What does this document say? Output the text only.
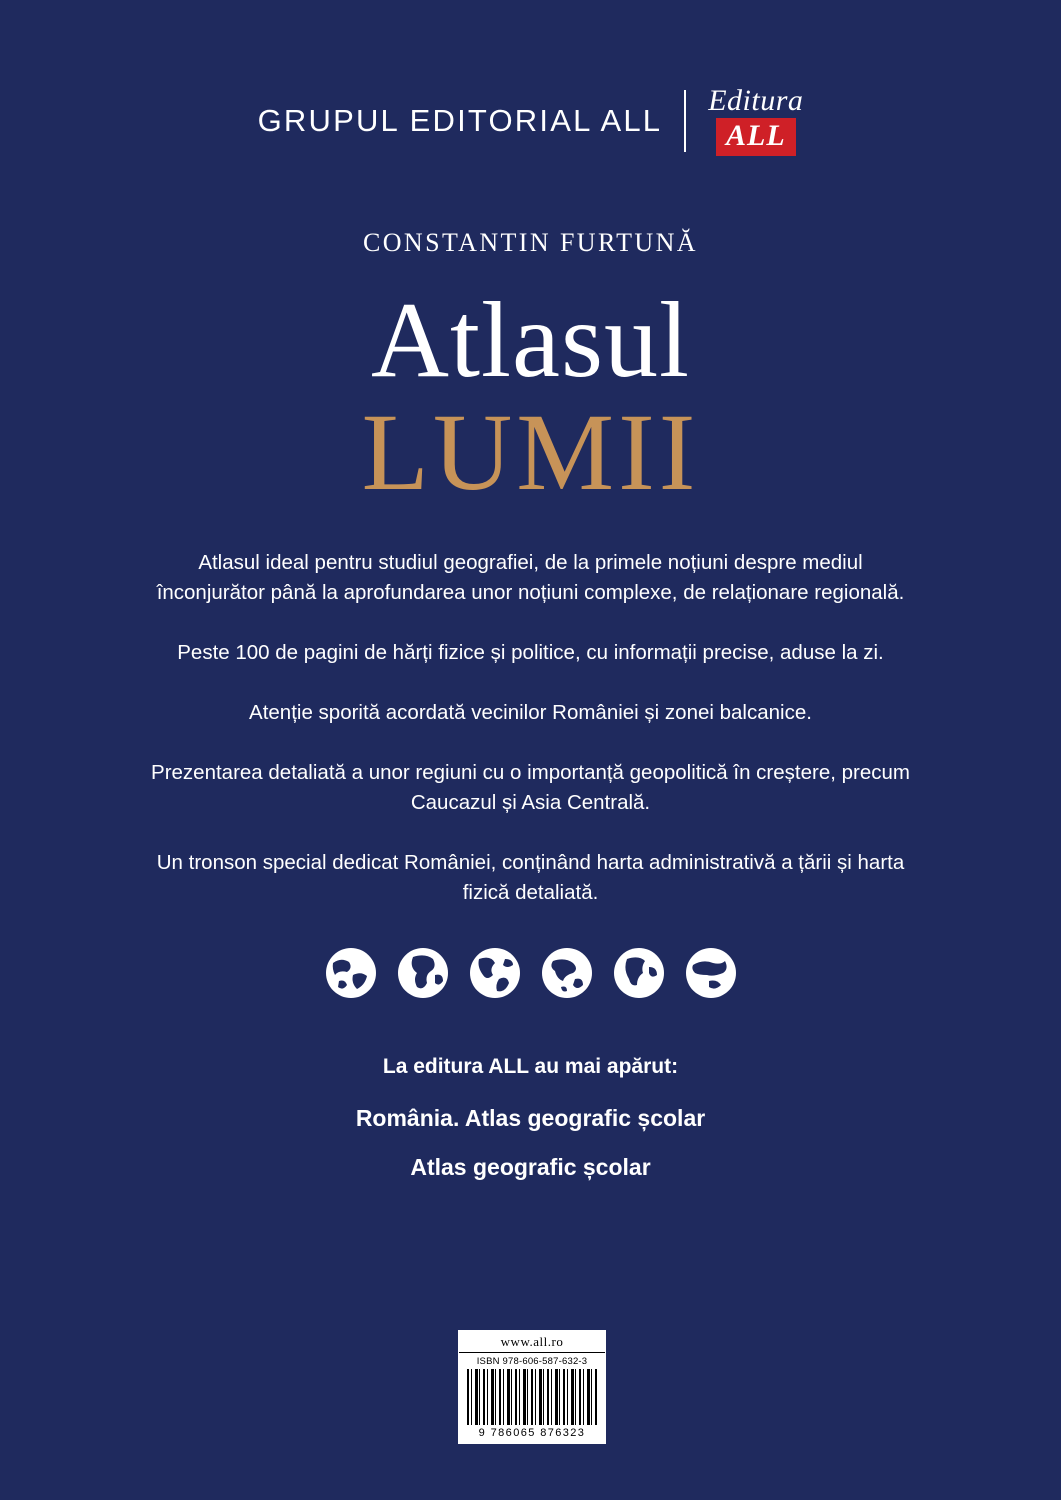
GRUPUL EDITORIAL ALL
Editura
ALL
CONSTANTIN FURTUNĂ
Atlasul
LUMII

Atlasul ideal pentru studiul geografiei, de la primele noțiuni despre mediul înconjurător până la aprofundarea unor noțiuni complexe, de relaționare regională.

Peste 100 de pagini de hărți fizice și politice, cu informații precise, aduse la zi.

Atenție sporită acordată vecinilor României și zonei balcanice.

Prezentarea detaliată a unor regiuni cu o importanță geopolitică în creștere, precum Caucazul și Asia Centrală.

Un tronson special dedicat României, conținând harta administrativă a țării și harta fizică detaliată.

La editura ALL au mai apărut:
România. Atlas geografic școlar
Atlas geografic școlar
www.all.ro
ISBN 978-606-587-632-3
9 786065 876323
